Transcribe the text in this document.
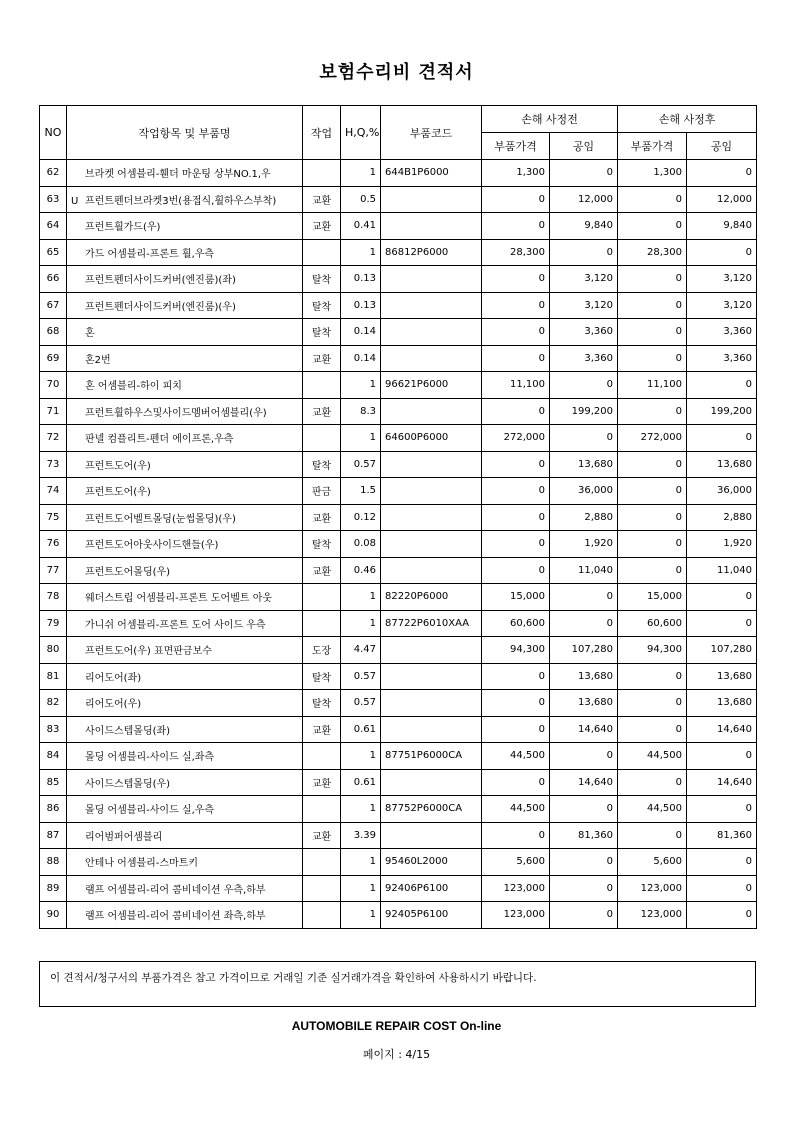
보험수리비 견적서
NO	작업항목 및 부품명	작업	H,Q,%	부품코드	손해 사정전		손해 사정후	
					부품가격	공임	부품가격	공임
62	브라켓 어셈블리-휀더 마운팅 상부NO.1,우		1	644B1P6000	1,300	0	1,300	0
63	U 프런트펜더브라켓3번(용접식,휠하우스부착)	교환	0.5		0	12,000	0	12,000
64	프런트휠가드(우)	교환	0.41		0	9,840	0	9,840
65	가드 어셈블리-프론트 휠,우측		1	86812P6000	28,300	0	28,300	0
66	프런트펜더사이드커버(엔진룸)(좌)	탈착	0.13		0	3,120	0	3,120
67	프런트펜더사이드커버(엔진룸)(우)	탈착	0.13		0	3,120	0	3,120
68	혼	탈착	0.14		0	3,360	0	3,360
69	혼2번	교환	0.14		0	3,360	0	3,360
70	혼 어셈블리-하이 피치		1	96621P6000	11,100	0	11,100	0
71	프런트휠하우스및사이드멤버어셈블리(우)	교환	8.3		0	199,200	0	199,200
72	판넬 컴플리트-펜더 에이프론,우측		1	64600P6000	272,000	0	272,000	0
73	프런트도어(우)	탈착	0.57		0	13,680	0	13,680
74	프런트도어(우)	판금	1.5		0	36,000	0	36,000
75	프런트도어벨트몰딩(눈썹몰딩)(우)	교환	0.12		0	2,880	0	2,880
76	프런트도어아웃사이드핸들(우)	탈착	0.08		0	1,920	0	1,920
77	프런트도어몰딩(우)	교환	0.46		0	11,040	0	11,040
78	웨더스트립 어셈블리-프론트 도어벨트 아웃		1	82220P6000	15,000	0	15,000	0
79	가니쉬 어셈블리-프론트 도어 사이드 우측		1	87722P6010XAA	60,600	0	60,600	0
80	프런트도어(우) 표면판금보수	도장	4.47		94,300	107,280	94,300	107,280
81	리어도어(좌)	탈착	0.57		0	13,680	0	13,680
82	리어도어(우)	탈착	0.57		0	13,680	0	13,680
83	사이드스텝몰딩(좌)	교환	0.61		0	14,640	0	14,640
84	몰딩 어셈블리-사이드 실,좌측		1	87751P6000CA	44,500	0	44,500	0
85	사이드스텝몰딩(우)	교환	0.61		0	14,640	0	14,640
86	몰딩 어셈블리-사이드 실,우측		1	87752P6000CA	44,500	0	44,500	0
87	리어범퍼어셈블리	교환	3.39		0	81,360	0	81,360
88	안테나 어셈블리-스마트키		1	95460L2000	5,600	0	5,600	0
89	램프 어셈블리-리어 콤비네이션 우측,하부		1	92406P6100	123,000	0	123,000	0
90	램프 어셈블리-리어 콤비네이션 좌측,하부		1	92405P6100	123,000	0	123,000	0
이 견적서/청구서의 부품가격은 참고 가격이므로 거래일 기준 실거래가격을 확인하여 사용하시기 바랍니다.
AUTOMOBILE REPAIR COST On-line
페이지 : 4/15
